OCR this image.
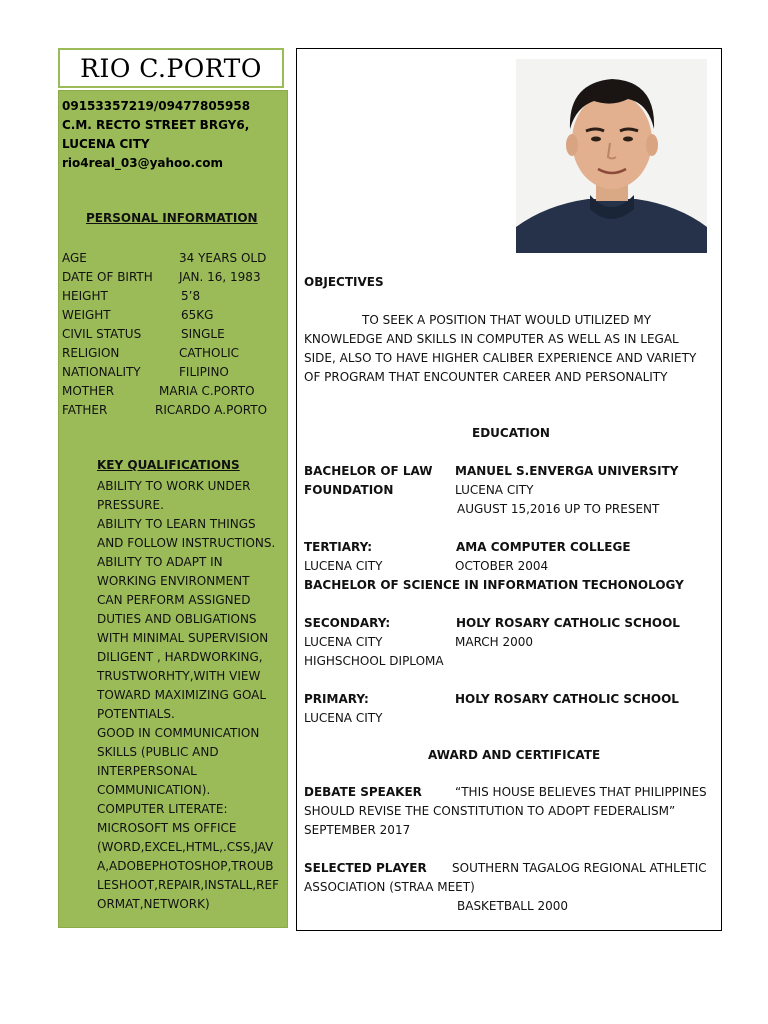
RIO C.PORTO
09153357219/09477805958
C.M. RECTO STREET BRGY6,
LUCENA CITY
rio4real_03@yahoo.com
PERSONAL INFORMATION
AGE	34 YEARS OLD
DATE OF BIRTH JAN. 16, 1983
HEIGHT	5’8
WEIGHT	65KG
CIVIL STATUS	SINGLE
RELIGION	CATHOLIC
NATIONALITY	FILIPINO
MOTHER	MARIA C.PORTO
FATHER	RICARDO A.PORTO
KEY QUALIFICATIONS
ABILITY TO WORK UNDER
PRESSURE.
ABILITY TO LEARN THINGS
AND FOLLOW INSTRUCTIONS.
ABILITY TO ADAPT IN
WORKING ENVIRONMENT
CAN PERFORM ASSIGNED
DUTIES AND OBLIGATIONS
WITH MINIMAL SUPERVISION
DILIGENT , HARDWORKING,
TRUSTWORHTY,WITH VIEW
TOWARD MAXIMIZING GOAL
POTENTIALS.
GOOD IN COMMUNICATION
SKILLS (PUBLIC AND
INTERPERSONAL
COMMUNICATION).
COMPUTER LITERATE:
MICROSOFT MS OFFICE
(WORD,EXCEL,HTML,.CSS,JAV
A,ADOBEPHOTOSHOP,TROUB
LESHOOT,REPAIR,INSTALL,REF
ORMAT,NETWORK)
OBJECTIVES
TO SEEK A POSITION THAT WOULD UTILIZED MY
KNOWLEDGE AND SKILLS IN COMPUTER AS WELL AS IN LEGAL
SIDE, ALSO TO HAVE HIGHER CALIBER EXPERIENCE AND VARIETY
OF PROGRAM THAT ENCOUNTER CAREER AND PERSONALITY
EDUCATION
BACHELOR OF LAW MANUEL S.ENVERGA UNIVERSITY
FOUNDATION	LUCENA CITY
AUGUST 15,2016 UP TO PRESENT
TERTIARY:	AMA COMPUTER COLLEGE
LUCENA CITY	OCTOBER 2004
BACHELOR OF SCIENCE IN INFORMATION TECHONOLOGY
SECONDARY:	HOLY ROSARY CATHOLIC SCHOOL
LUCENA CITY	MARCH 2000
HIGHSCHOOL DIPLOMA
PRIMARY:	HOLY ROSARY CATHOLIC SCHOOL
LUCENA CITY
AWARD AND CERTIFICATE
DEBATE SPEAKER	“THIS HOUSE BELIEVES THAT PHILIPPINES
SHOULD REVISE THE CONSTITUTION TO ADOPT FEDERALISM”
SEPTEMBER 2017
SELECTED PLAYER SOUTHERN TAGALOG REGIONAL ATHLETIC
ASSOCIATION (STRAA MEET)
BASKETBALL 2000
